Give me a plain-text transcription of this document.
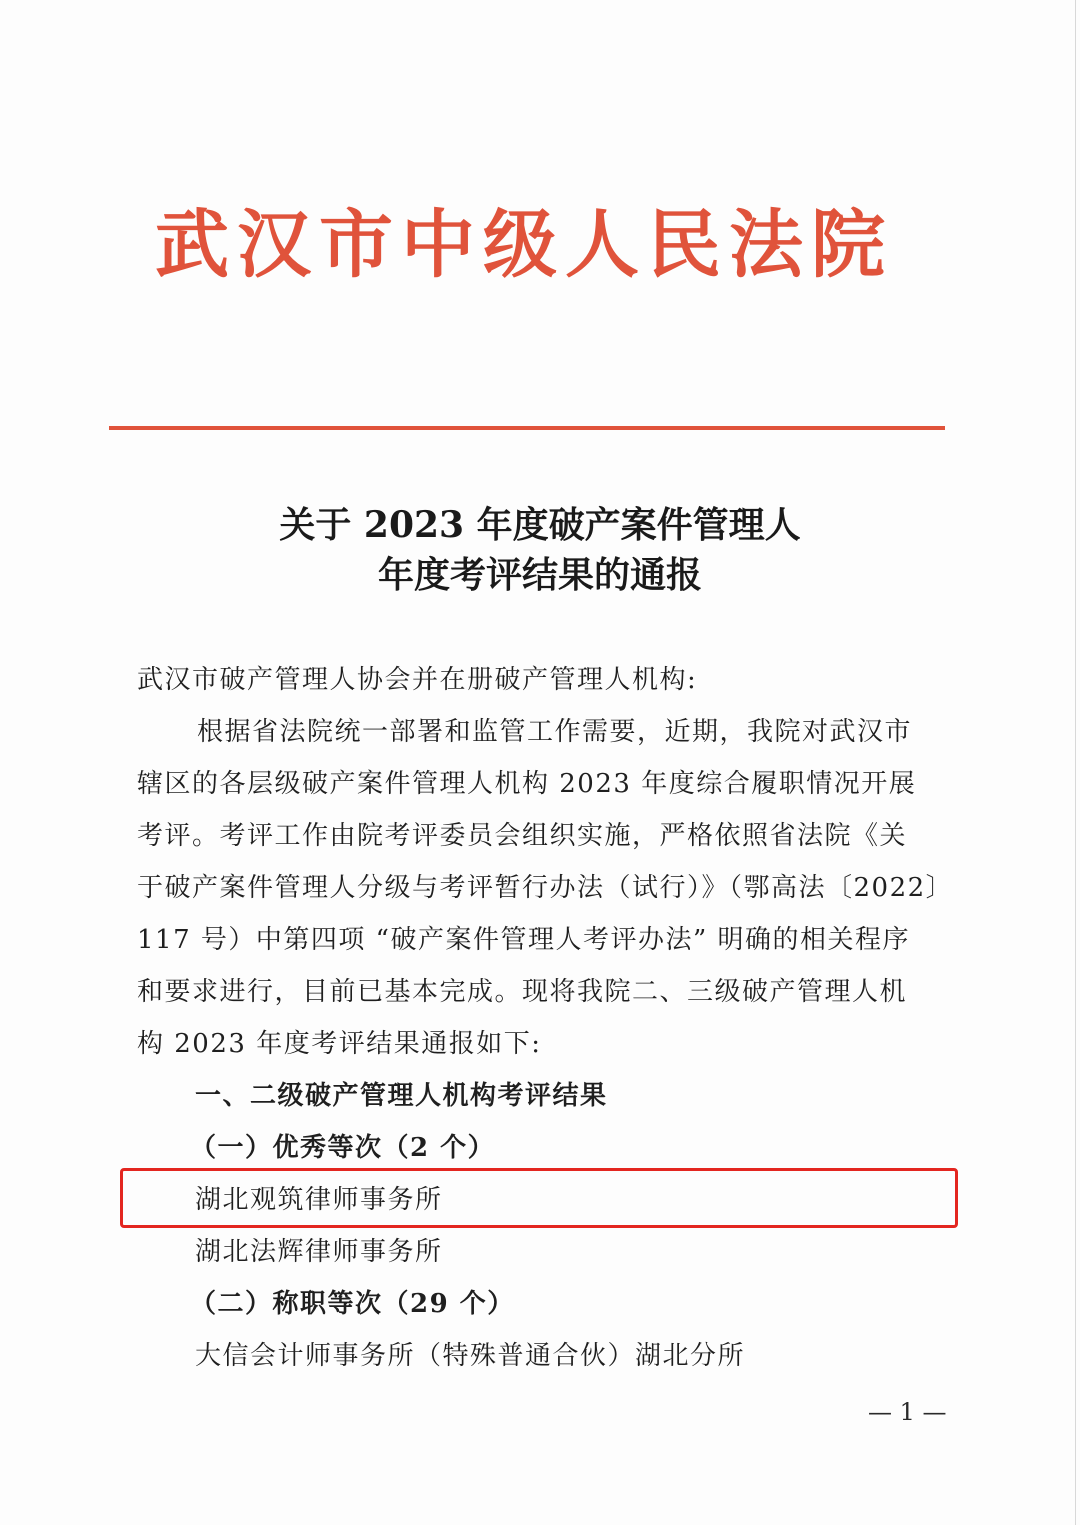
武汉市中级人民法院
关于 2023 年度破产案件管理人
年度考评结果的通报
武汉市破产管理人协会并在册破产管理人机构:
根据省法院统一部署和监管工作需要，近期，我院对武汉市
辖区的各层级破产案件管理人机构 2023 年度综合履职情况开展
考评。考评工作由院考评委员会组织实施，严格依照省法院《关
于破产案件管理人分级与考评暂行办法（试行）》（鄂高法〔2022〕
117 号）中第四项 “破产案件管理人考评办法” 明确的相关程序
和要求进行，目前已基本完成。现将我院二、三级破产管理人机
构 2023 年度考评结果通报如下:
一、二级破产管理人机构考评结果
（一）优秀等次（2 个）
湖北观筑律师事务所
湖北法辉律师事务所
（二）称职等次（29 个）
大信会计师事务所（特殊普通合伙）湖北分所
— 1 —
